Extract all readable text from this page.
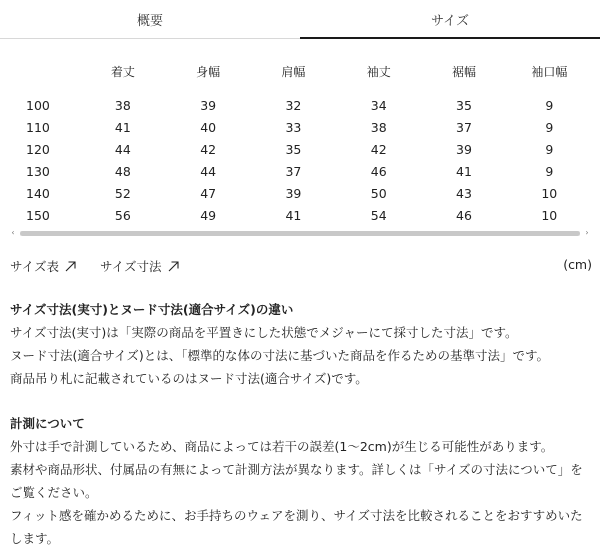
概要	サイズ
	着丈	身幅	肩幅	袖丈	裾幅	袖口幅

100	38	39	32	34	35	9
110	41	40	33	38	37	9
120	44	42	35	42	39	9
130	48	44	37	46	41	9
140	52	47	39	50	43	10
150	56	49	41	54	46	10
‹	›
サイズ表	サイズ寸法	(cm)
サイズ寸法(実寸)とヌード寸法(適合サイズ)の違い

サイズ寸法(実寸)は「実際の商品を平置きにした状態でメジャーにて採寸した寸法」です。

ヌード寸法(適合サイズ)とは、「標準的な体の寸法に基づいた商品を作るための基準寸法」です。

商品吊り札に記載されているのはヌード寸法(適合サイズ)です。

計測について

外寸は手で計測しているため、商品によっては若干の誤差(1〜2cm)が生じる可能性があります。

素材や商品形状、付属品の有無によって計測方法が異なります。詳しくは「サイズの寸法について」をご覧ください。

フィット感を確かめるために、お手持ちのウェアを測り、サイズ寸法を比較されることをおすすめいたします。
